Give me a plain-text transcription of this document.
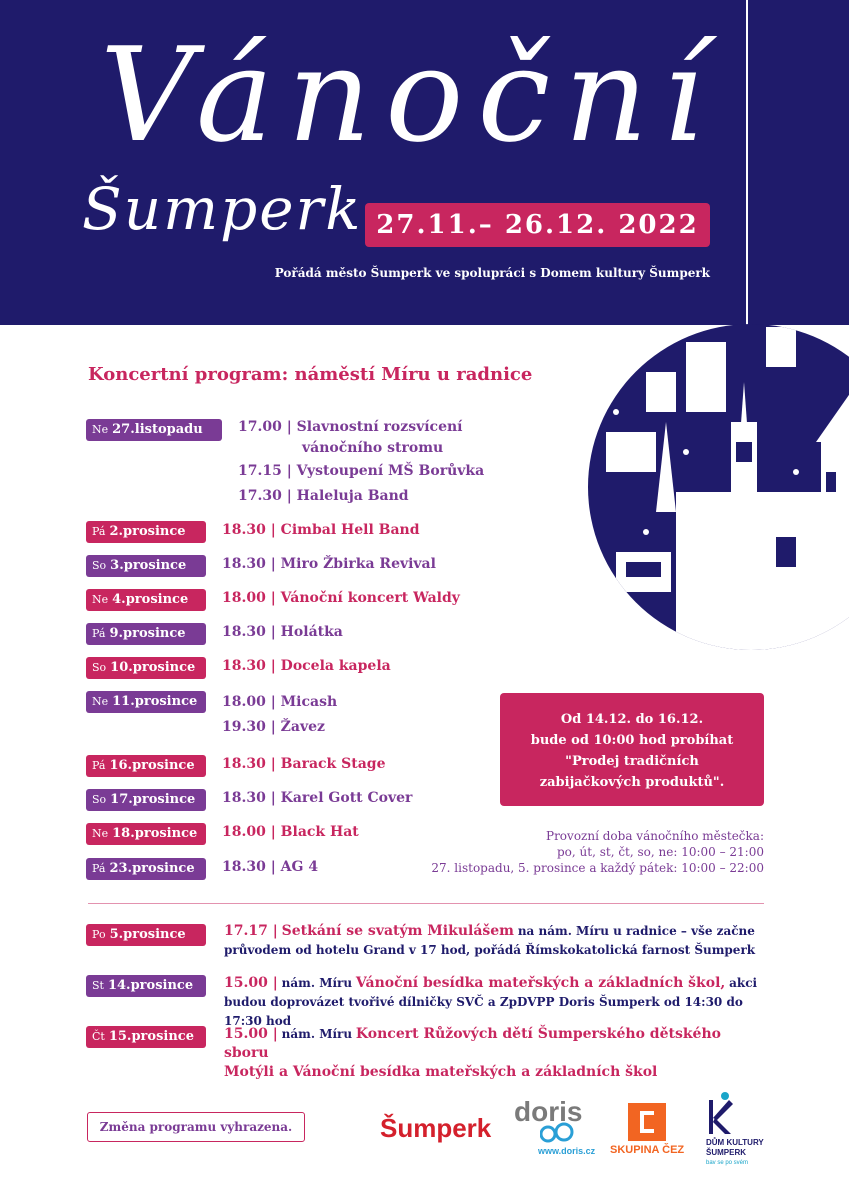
Vánoční
Šumperk 27.11.– 26.12. 2022
Pořádá město Šumperk ve spolupráci s Domem kultury Šumperk
Koncertní program: náměstí Míru u radnice
Ne 27.listopadu	17.00 | Slavnostní rozsvícení
vánočního stromu
17.15 | Vystoupení MŠ Borůvka
17.30 | Haleluja Band
Pá 2.prosince	18.30 | Cimbal Hell Band
So 3.prosince	18.30 | Miro Žbirka Revival
Ne 4.prosince	18.00 | Vánoční koncert Waldy
Pá 9.prosince	18.30 | Holátka
So 10.prosince	18.30 | Docela kapela
Ne 11.prosince	18.00 | Micash
19.30 | Žavez
Pá 16.prosince	18.30 | Barack Stage
So 17.prosince	18.30 | Karel Gott Cover
Ne 18.prosince	18.00 | Black Hat
Pá 23.prosince	18.30 | AG 4
Od 14.12. do 16.12.
bude od 10:00 hod probíhat
"Prodej tradičních
zabijačkových produktů".
Provozní doba vánočního městečka:
po, út, st, čt, so, ne: 10:00 – 21:00
27. listopadu, 5. prosince a každý pátek: 10:00 – 22:00
Po 5.prosince	17.17 | Setkání se svatým Mikulášem na nám. Míru u radnice – vše začne
průvodem od hotelu Grand v 17 hod, pořádá Římskokatolická farnost Šumperk
St 14.prosince	15.00 | nám. Míru Vánoční besídka mateřských a základních škol, akci
budou doprovázet tvořivé dílničky SVČ a ZpDVPP Doris Šumperk od 14:30 do 17:30 hod
Čt 15.prosince	15.00 | nám. Míru Koncert Růžových dětí Šumperského dětského sboru
Motýli a Vánoční besídka mateřských a základních škol
Změna programu vyhrazena.	Šumperk
doris
www.doris.cz SKUPINA ČEZ
DŮM KULTURY
ŠUMPERK
bav se po svém
